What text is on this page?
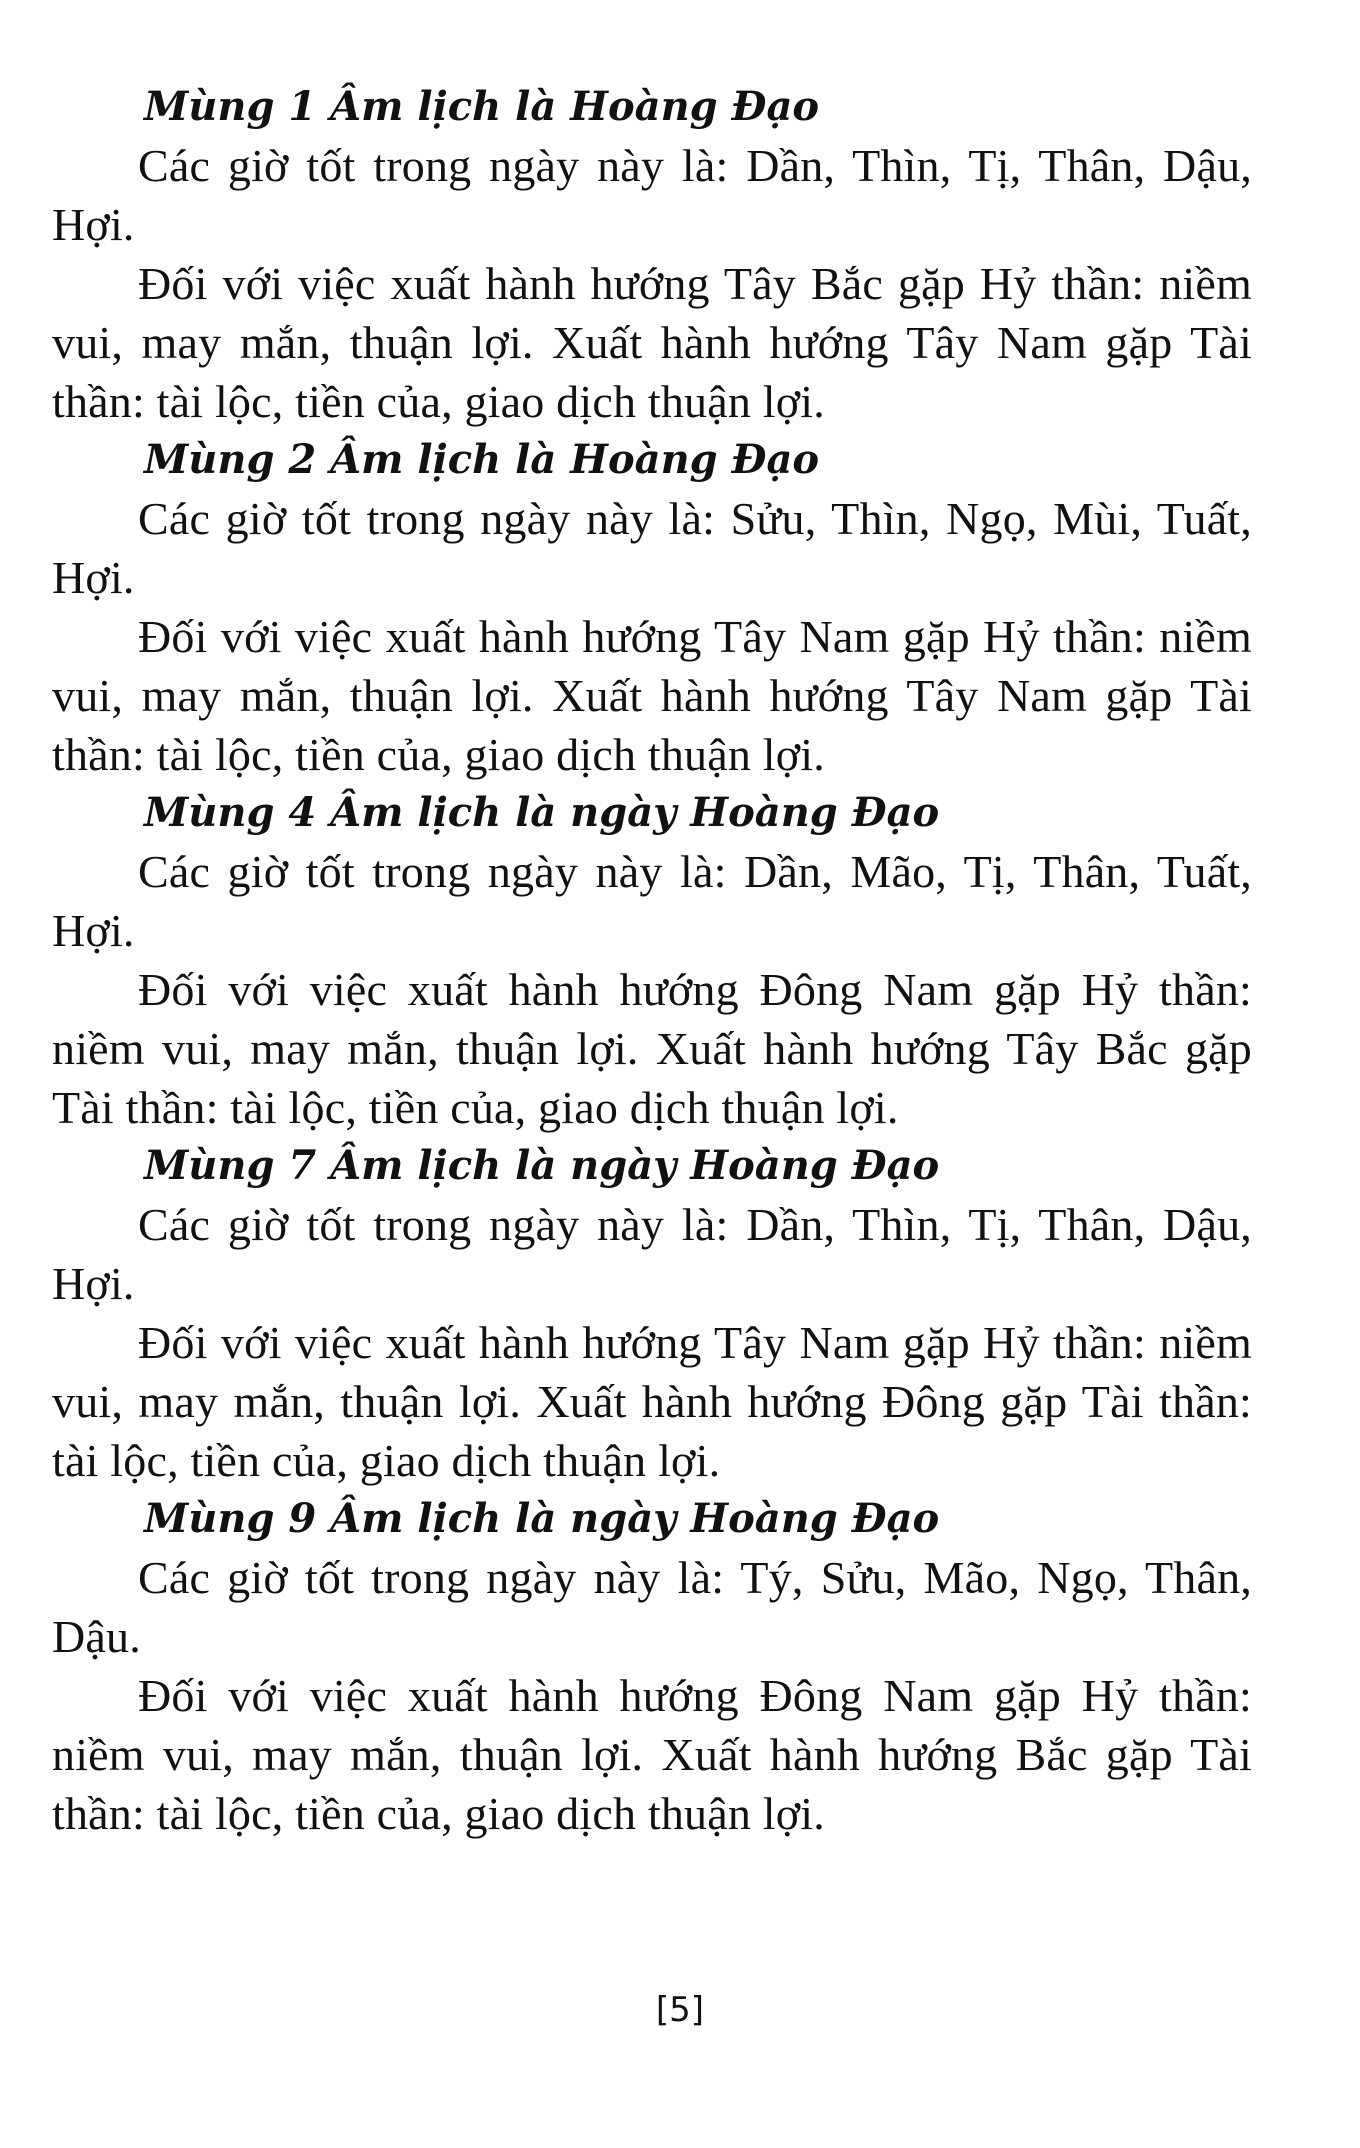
Mùng 1 Âm lịch là Hoàng Đạo

Các giờ tốt trong ngày này là: Dần, Thìn, Tị, Thân, Dậu, Hợi.

Đối với việc xuất hành hướng Tây Bắc gặp Hỷ thần: niềm vui, may mắn, thuận lợi. Xuất hành hướng Tây Nam gặp Tài thần: tài lộc, tiền của, giao dịch thuận lợi.

Mùng 2 Âm lịch là Hoàng Đạo

Các giờ tốt trong ngày này là: Sửu, Thìn, Ngọ, Mùi, Tuất, Hợi.

Đối với việc xuất hành hướng Tây Nam gặp Hỷ thần: niềm vui, may mắn, thuận lợi. Xuất hành hướng Tây Nam gặp Tài thần: tài lộc, tiền của, giao dịch thuận lợi.

Mùng 4 Âm lịch là ngày Hoàng Đạo

Các giờ tốt trong ngày này là: Dần, Mão, Tị, Thân, Tuất, Hợi.

Đối với việc xuất hành hướng Đông Nam gặp Hỷ thần: niềm vui, may mắn, thuận lợi. Xuất hành hướng Tây Bắc gặp Tài thần: tài lộc, tiền của, giao dịch thuận lợi.

Mùng 7 Âm lịch là ngày Hoàng Đạo

Các giờ tốt trong ngày này là: Dần, Thìn, Tị, Thân, Dậu, Hợi.

Đối với việc xuất hành hướng Tây Nam gặp Hỷ thần: niềm vui, may mắn, thuận lợi. Xuất hành hướng Đông gặp Tài thần: tài lộc, tiền của, giao dịch thuận lợi.

Mùng 9 Âm lịch là ngày Hoàng Đạo

Các giờ tốt trong ngày này là: Tý, Sửu, Mão, Ngọ, Thân, Dậu.

Đối với việc xuất hành hướng Đông Nam gặp Hỷ thần: niềm vui, may mắn, thuận lợi. Xuất hành hướng Bắc gặp Tài thần: tài lộc, tiền của, giao dịch thuận lợi.

[5]
